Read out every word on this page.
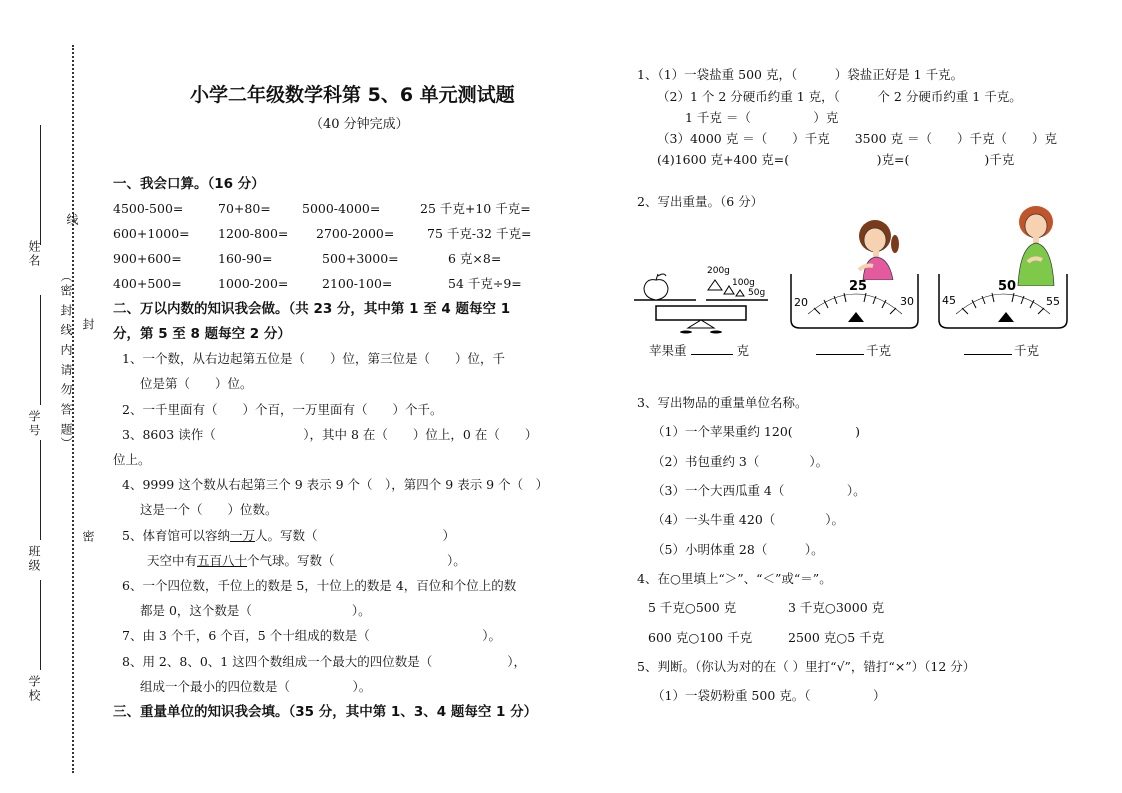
姓名
线
（密 封 线 内 请 勿 答 题） 封
密
学号
班级
学校
小学二年级数学科第 5、6 单元测试题
（40 分钟完成）
一、我会口算。（16 分）
4500-500=	70+80= 5000-4000=	25 千克+10 千克=
600+1000= 1200-800= 2700-2000=	75 千克-32 千克=
900+600=	160-90=	500+3000=	6 克×8=
400+500=	1000-200=	2100-100=	54 千克÷9=
二、万以内数的知识我会做。（共 23 分，其中第 1 至 4 题每空 1
分，第 5 至 8 题每空 2 分）
1、一个数，从右边起第五位是（　　）位，第三位是（　　）位，千
位是第（　　）位。
2、一千里面有（　　）个百，一万里面有（　　）个千。
3、8603 读作（　　　　　　　），其中 8 在（　　）位上，0 在（　　）
位上。
4、9999 这个数从右起第三个 9 表示 9 个（　），第四个 9 表示 9 个（　）
这是一个（　　）位数。
5、体育馆可以容纳一万人。写数（　　　　　　　　　　）
天空中有五百八十个气球。写数（　　　　　　　　　）。
6、一个四位数，千位上的数是 5，十位上的数是 4，百位和个位上的数
都是 0，这个数是（　　　　　　　　）。
7、由 3 个千，6 个百，5 个十组成的数是（　　　　　　　　　）。
8、用 2、8、0、1 这四个数组成一个最大的四位数是（　　　　　　），
组成一个最小的四位数是（　　　　　）。
三、重量单位的知识我会填。（35 分，其中第 1、3、4 题每空 1 分）
1、（1）一袋盐重 500 克，（　　　）袋盐正好是 1 千克。
（2）1 个 2 分硬币约重 1 克，（　　　个 2 分硬币约重 1 千克。
1 千克 ＝（　　　　　）克
（3）4000 克 ＝（　　）千克　　3500 克 ＝（　　）千克（　　）克
(4)1600 克+400 克=(　　　　　　　)克=(　　　　　　)千克
2、写出重量。（6 分）
200g
100g
50g
20
25
30	45
50
55
苹果重	克	千克	千克
3、写出物品的重量单位名称。
（1）一个苹果重约 120(　　　　　)
（2）书包重约 3（　　　　）。
（3）一个大西瓜重 4（　　　　　）。
（4）一头牛重 420（　　　　）。
（5）小明体重 28（　　　）。
4、在○里填上“＞”、“＜”或“＝”。
5 千克○500 克	3 千克○3000 克
600 克○100 千克	2500 克○5 千克
5、判断。（你认为对的在（ ）里打“√”，错打“×”）（12 分）
（1）一袋奶粉重 500 克。（　　　　　）
